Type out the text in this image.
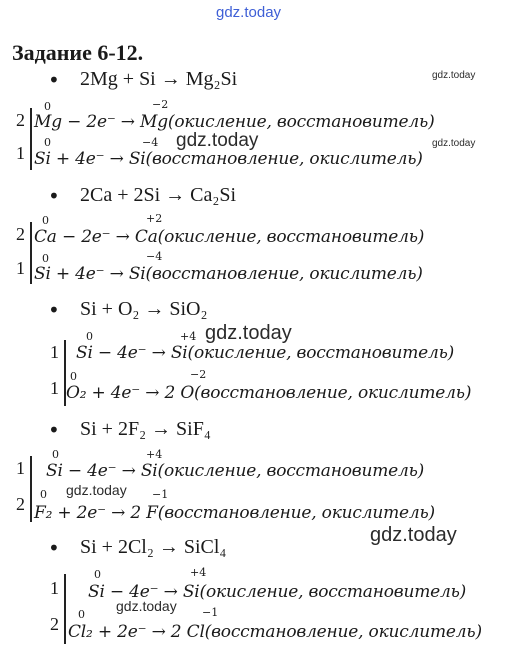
gdz.today
Задание 6-12.
• 2Mg + Si → Mg₂Si	gdz.today
2
0	−2
Mg − 2e⁻ → Mg(окисление, восстановитель)
1
0	−4
Si + 4e⁻ → Si(восстановление, окислитель)
gdz.today	gdz.today
• 2Ca + 2Si → Ca₂Si
2
0	+2
Ca − 2e⁻ → Ca(окисление, восстановитель)
1 0	−4
Si + 4e⁻ → Si(восстановление, окислитель)
• Si + O₂ → SiO₂
gdz.today
1
0	+4
Si − 4e⁻ → Si(окисление, восстановитель)
1
0	−2
O₂ + 4e⁻ → 2 O(восстановление, окислитель)
• Si + 2F₂ → SiF₄
1
0	+4
Si − 4e⁻ → Si(окисление, восстановитель)
2 0	−1
F₂ + 2e⁻ → 2 F(восстановление, окислитель)
gdz.today
gdz.today
• Si + 2Cl₂ → SiCl₄
1
0	+4
Si − 4e⁻ → Si(окисление, восстановитель)
2 0	−1
Cl₂ + 2e⁻ → 2 Cl(восстановление, окислитель)
gdz.today
